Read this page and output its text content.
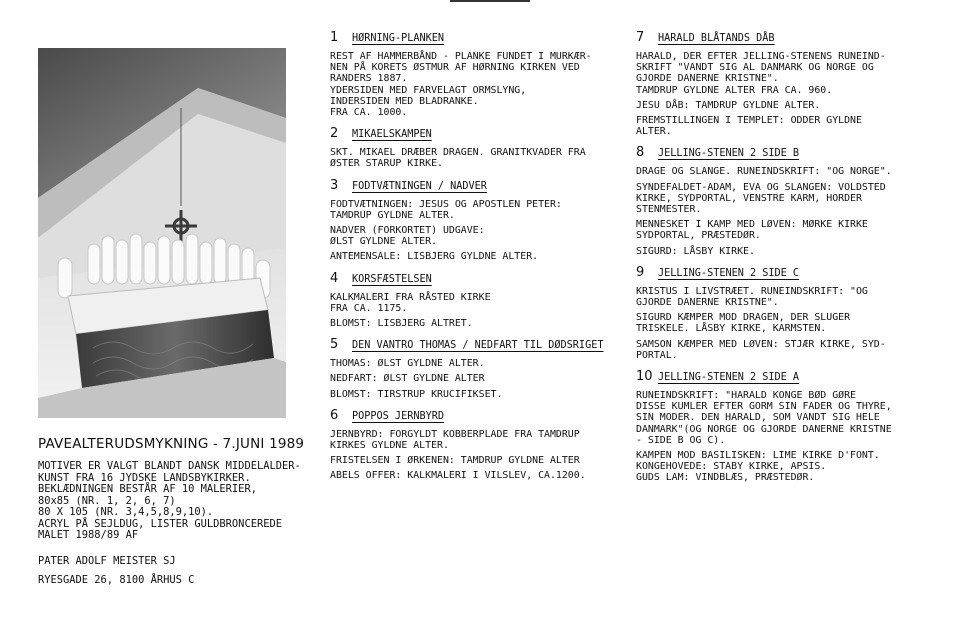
PAVEALTERUDSMYKNING - 7.JUNI 1989
MOTIVER ER VALGT BLANDT DANSK MIDDELALDER-
KUNST FRA 16 JYDSKE LANDSBYKIRKER.
BEKLÆDNINGEN BESTÅR AF 10 MALERIER,
80x85 (NR. 1, 2, 6, 7)
80 X 105 (NR. 3,4,5,8,9,10).
ACRYL PÅ SEJLDUG, LISTER GULDBRONCEREDE
MALET 1988/89 AF
PATER ADOLF MEISTER SJ
RYESGADE 26, 8100 ÅRHUS C
1	HØRNING-PLANKEN
REST AF HAMMERBÅND - PLANKE FUNDET I MURKÆR-
NEN PÅ KORETS ØSTMUR AF HØRNING KIRKEN VED
RANDERS 1887.
YDERSIDEN MED FARVELAGT ORMSLYNG,
INDERSIDEN MED BLADRANKE.
FRA CA. 1000.
2	MIKAELSKAMPEN
SKT. MIKAEL DRÆBER DRAGEN. GRANITKVADER FRA
ØSTER STARUP KIRKE.
3	FODTVÆTNINGEN / NADVER
FODTVÆTNINGEN: JESUS OG APOSTLEN PETER:
TAMDRUP GYLDNE ALTER.
NADVER (FORKORTET) UDGAVE:
ØLST GYLDNE ALTER.
ANTEMENSALE: LISBJERG GYLDNE ALTER.
4	KORSFÆSTELSEN
KALKMALERI FRA RÅSTED KIRKE
FRA CA. 1175.
BLOMST: LISBJERG ALTRET.
5	DEN VANTRO THOMAS / NEDFART TIL DØDSRIGET
THOMAS: ØLST GYLDNE ALTER.
NEDFART: ØLST GYLDNE ALTER
BLOMST: TIRSTRUP KRUCIFIKSET.
6	POPPOS JERNBYRD
JERNBYRD: FORGYLDT KOBBERPLADE FRA TAMDRUP
KIRKES GYLDNE ALTER.
FRISTELSEN I ØRKENEN: TAMDRUP GYLDNE ALTER
ABELS OFFER: KALKMALERI I VILSLEV, CA.1200.
7	HARALD BLÅTANDS DÅB
HARALD, DER EFTER JELLING-STENENS RUNEIND-
SKRIFT "VANDT SIG AL DANMARK OG NORGE OG
GJORDE DANERNE KRISTNE".
TAMDRUP GYLDNE ALTER FRA CA. 960.
JESU DÅB: TAMDRUP GYLDNE ALTER.
FREMSTILLINGEN I TEMPLET: ODDER GYLDNE
ALTER.
8	JELLING-STENEN 2 SIDE B
DRAGE OG SLANGE. RUNEINDSKRIFT: "OG NORGE".
SYNDEFALDET-ADAM, EVA OG SLANGEN: VOLDSTED
KIRKE, SYDPORTAL, VENSTRE KARM, HORDER
STENMESTER.
MENNESKET I KAMP MED LØVEN: MØRKE KIRKE
SYDPORTAL, PRÆSTEDØR.
SIGURD: LÅSBY KIRKE.
9	JELLING-STENEN 2 SIDE C
KRISTUS I LIVSTRÆET. RUNEINDSKRIFT: "OG
GJORDE DANERNE KRISTNE".
SIGURD KÆMPER MOD DRAGEN, DER SLUGER
TRISKELE. LÅSBY KIRKE, KARMSTEN.
SAMSON KÆMPER MED LØVEN: STJÆR KIRKE, SYD-
PORTAL.
10 JELLING-STENEN 2 SIDE A
RUNEINDSKRIFT: "HARALD KONGE BØD GØRE
DISSE KUMLER EFTER GORM SIN FADER OG THYRE,
SIN MODER. DEN HARALD, SOM VANDT SIG HELE
DANMARK"(OG NORGE OG GJORDE DANERNE KRISTNE
- SIDE B OG C).
KAMPEN MOD BASILISKEN: LIME KIRKE D'FONT.
KONGEHOVEDE: STABY KIRKE, APSIS.
GUDS LAM: VINDBLÆS, PRÆSTEDØR.
